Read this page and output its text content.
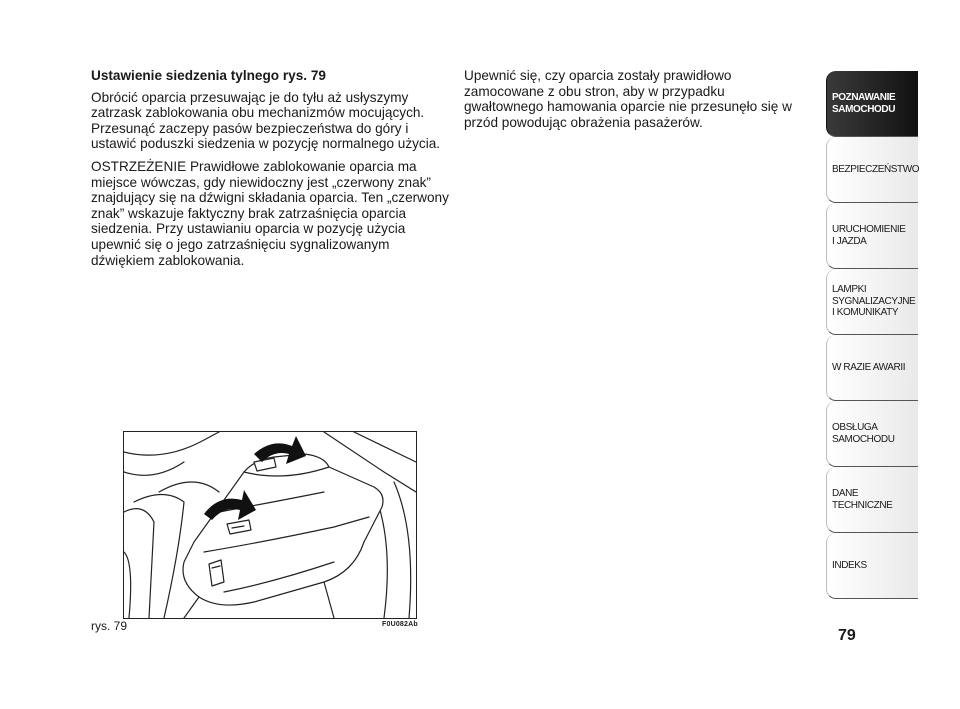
Ustawienie siedzenia tylnego rys. 79

Obrócić oparcia przesuwając je do tyłu aż usłyszymy zatrzask zablokowania obu mechanizmów mocujących. Przesunąć zaczepy pasów bezpieczeństwa do góry i ustawić poduszki siedzenia w pozycję normalnego użycia.

OSTRZEŻENIE Prawidłowe zablokowanie oparcia ma miejsce wówczas, gdy niewidoczny jest „czerwony znak” znajdujący się na dźwigni składania oparcia. Ten „czerwony znak” wskazuje faktyczny brak zatrzaśnięcia oparcia siedzenia. Przy ustawianiu oparcia w pozycję użycia upewnić się o jego zatrzaśnięciu sygnalizowanym dźwiękiem zablokowania.

Upewnić się, czy oparcia zostały prawidłowo zamocowane z obu stron, aby w przypadku gwałtownego hamowania oparcie nie przesunęło się w przód powodując obrażenia pasażerów.

rys. 79	F0U082Ab
POZNAWANIE
SAMOCHODU
BEZPIECZEŃSTWO
URUCHOMIENIE
I JAZDA
LAMPKI
SYGNALIZACYJNE
I KOMUNIKATY
W RAZIE AWARII
OBSŁUGA
SAMOCHODU
DANE
TECHNICZNE
INDEKS
79
